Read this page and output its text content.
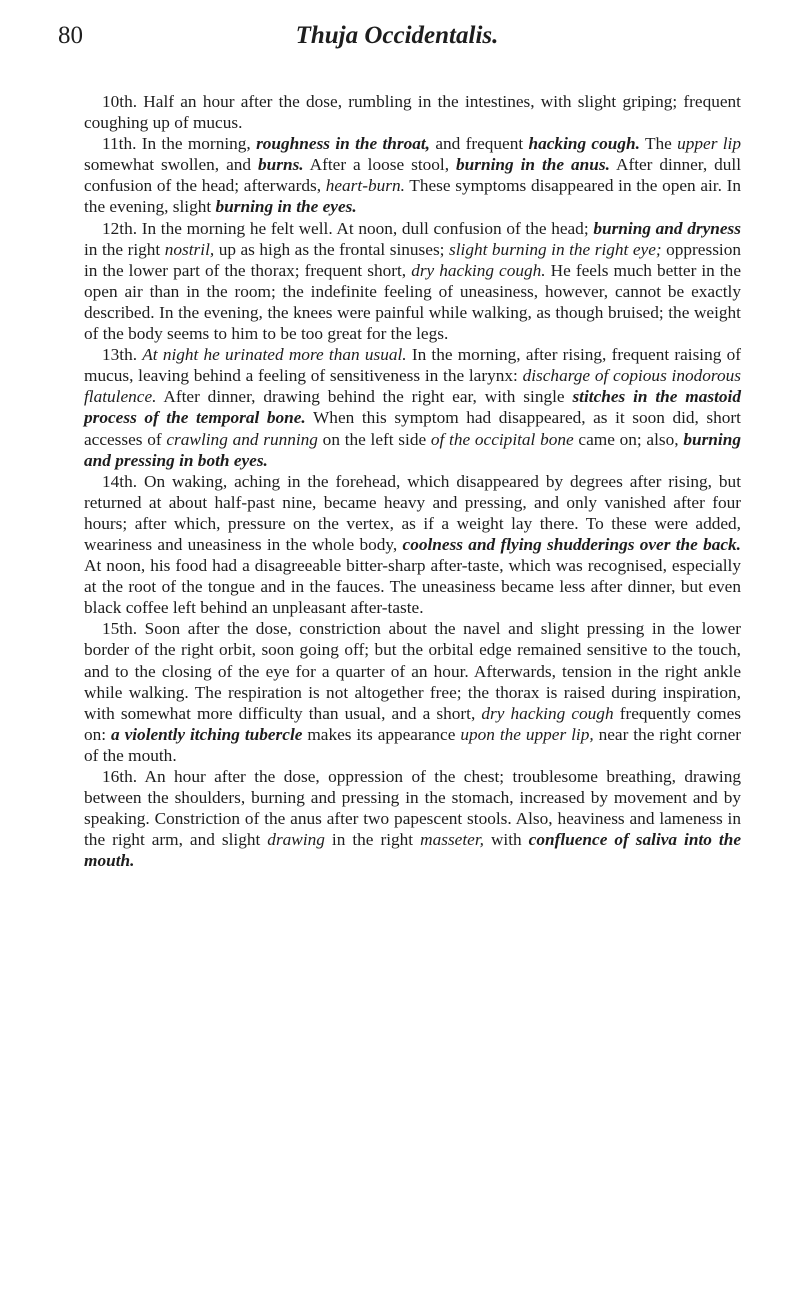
80	Thuja Occidentalis.

10th. Half an hour after the dose, rumbling in the intestines, with slight griping; frequent coughing up of mucus.

11th. In the morning, roughness in the throat, and frequent hacking cough. The upper lip somewhat swollen, and burns. After a loose stool, burning in the anus. After dinner, dull confusion of the head; afterwards, heart-burn. These symptoms disappeared in the open air. In the evening, slight burning in the eyes.

12th. In the morning he felt well. At noon, dull confusion of the head; burning and dryness in the right nostril, up as high as the frontal sinuses; slight burning in the right eye; oppression in the lower part of the thorax; frequent short, dry hacking cough. He feels much better in the open air than in the room; the indefinite feeling of uneasiness, however, cannot be exactly described. In the evening, the knees were painful while walking, as though bruised; the weight of the body seems to him to be too great for the legs.

13th. At night he urinated more than usual. In the morning, after rising, frequent raising of mucus, leaving behind a feeling of sensitiveness in the larynx: discharge of copious inodorous flatulence. After dinner, drawing behind the right ear, with single stitches in the mastoid process of the temporal bone. When this symptom had disappeared, as it soon did, short accesses of crawling and running on the left side of the occipital bone came on; also, burning and pressing in both eyes.

14th. On waking, aching in the forehead, which disappeared by degrees after rising, but returned at about half-past nine, became heavy and pressing, and only vanished after four hours; after which, pressure on the vertex, as if a weight lay there. To these were added, weariness and uneasiness in the whole body, coolness and flying shudderings over the back. At noon, his food had a disagreeable bitter-sharp after-taste, which was recognised, especially at the root of the tongue and in the fauces. The uneasiness became less after dinner, but even black coffee left behind an unpleasant after-taste.

15th. Soon after the dose, constriction about the navel and slight pressing in the lower border of the right orbit, soon going off; but the orbital edge remained sensitive to the touch, and to the closing of the eye for a quarter of an hour. Afterwards, tension in the right ankle while walking. The respiration is not altogether free; the thorax is raised during inspiration, with somewhat more difficulty than usual, and a short, dry hacking cough frequently comes on: a violently itching tubercle makes its appearance upon the upper lip, near the right corner of the mouth.

16th. An hour after the dose, oppression of the chest; troublesome breathing, drawing between the shoulders, burning and pressing in the stomach, increased by movement and by speaking. Constriction of the anus after two papescent stools. Also, heaviness and lameness in the right arm, and slight drawing in the right masseter, with confluence of saliva into the mouth.
